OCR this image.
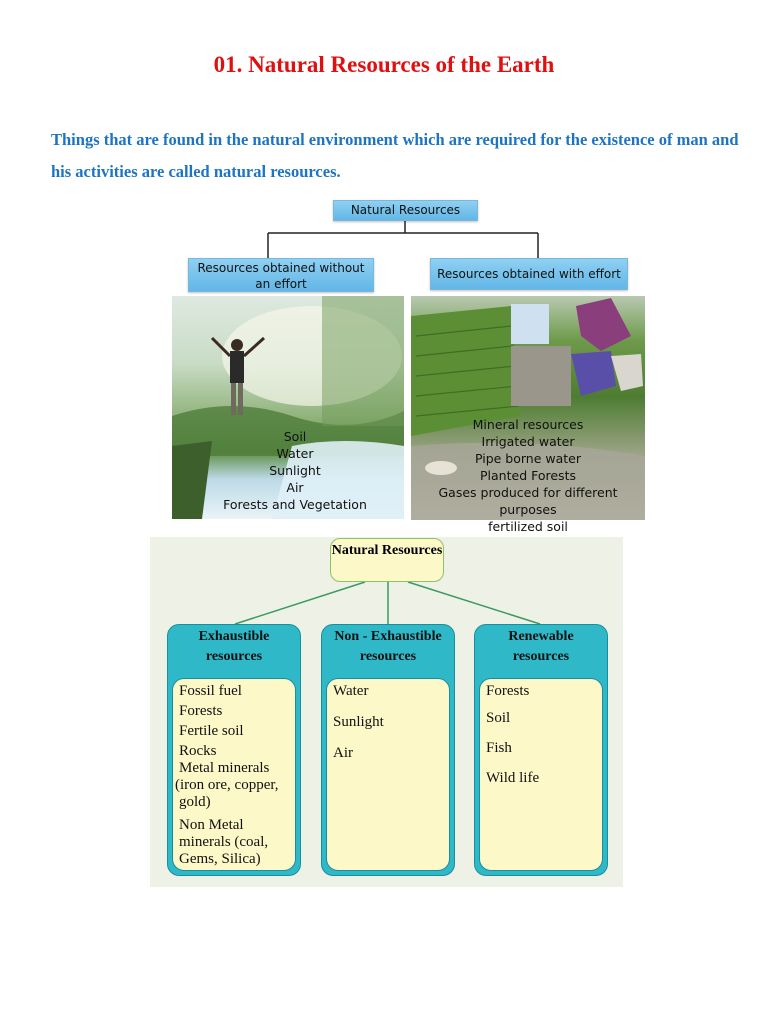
01. Natural Resources of the Earth
Things that are found in the natural environment which are required for the existence of man and his activities are called natural resources.
Natural Resources
Resources obtained without an effort
Soil
Water
Sunlight
Air
Forests and Vegetation
Resources obtained with effort
Mineral resources
Irrigated water
Pipe borne water
Planted Forests
Gases produced for different purposes
fertilized soil
Natural Resources
Exhaustible resources
Fossil fuel
Forests
Fertile soil
Rocks
Metal minerals
(iron ore, copper,
gold)
Non Metal
minerals (coal,
Gems, Silica)
Non - Exhaustible resources
Water
Sunlight
Air
Renewable resources
Forests
Soil
Fish
Wild life
